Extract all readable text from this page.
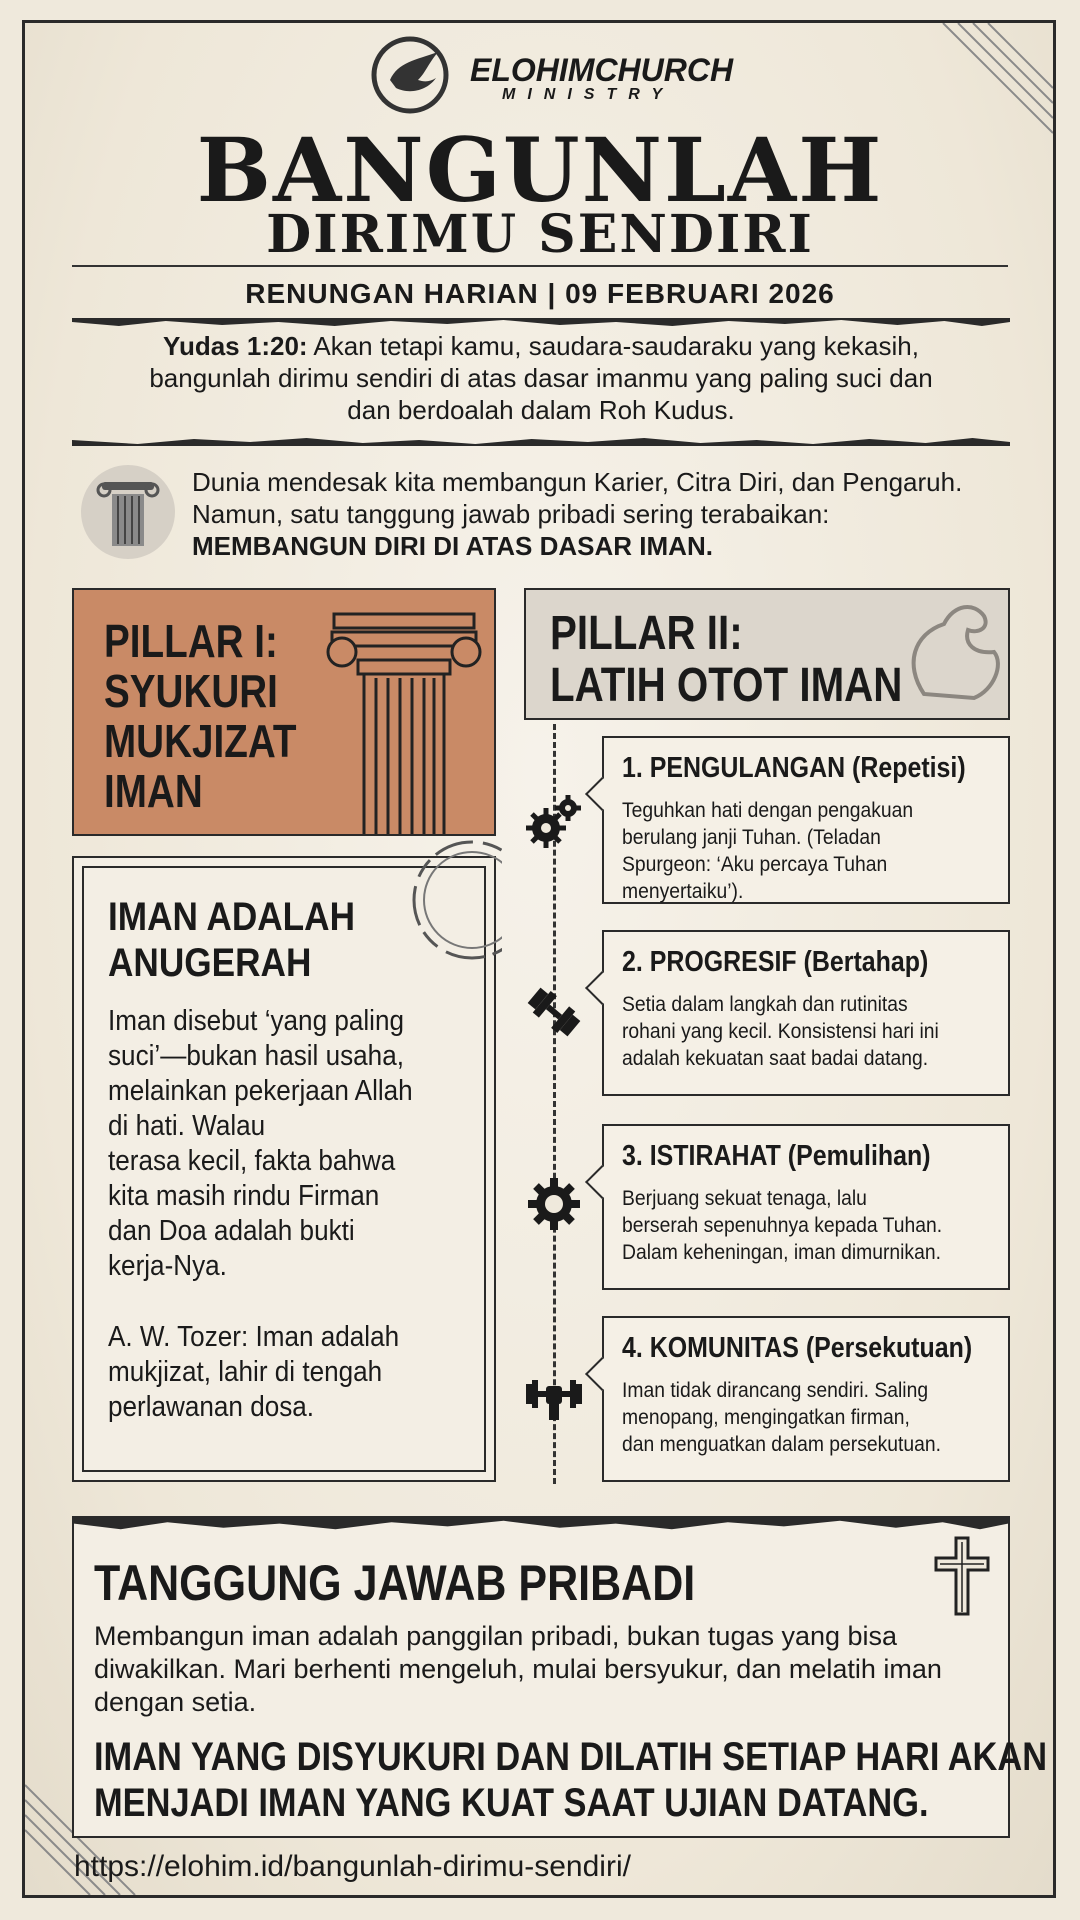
ELOHIMCHURCH
MINISTRY
BANGUNLAH
DIRIMU SENDIRI
RENUNGAN HARIAN | 09 FEBRUARI 2026
Yudas 1:20: Akan tetapi kamu, saudara-saudaraku yang kekasih,
bangunlah dirimu sendiri di atas dasar imanmu yang paling suci dan
dan berdoalah dalam Roh Kudus.
Dunia mendesak kita membangun Karier, Citra Diri, dan Pengaruh.
Namun, satu tanggung jawab pribadi sering terabaikan:
MEMBANGUN DIRI DI ATAS DASAR IMAN.
PILLAR I:
SYUKURI
MUKJIZAT
IMAN
IMAN ADALAH
ANUGERAH
Iman disebut ‘yang paling
suci’—bukan hasil usaha,
melainkan pekerjaan Allah
di hati. Walau
terasa kecil, fakta bahwa
kita masih rindu Firman
dan Doa adalah bukti
kerja-Nya.
A. W. Tozer: Iman adalah
mukjizat, lahir di tengah
perlawanan dosa.
PILLAR II:
LATIH OTOT IMAN
1. PENGULANGAN (Repetisi)
Teguhkan hati dengan pengakuan
berulang janji Tuhan. (Teladan
Spurgeon: ‘Aku percaya Tuhan
menyertaiku’).
2. PROGRESIF (Bertahap)
Setia dalam langkah dan rutinitas
rohani yang kecil. Konsistensi hari ini
adalah kekuatan saat badai datang.
3. ISTIRAHAT (Pemulihan)
Berjuang sekuat tenaga, lalu
berserah sepenuhnya kepada Tuhan.
Dalam keheningan, iman dimurnikan.
4. KOMUNITAS (Persekutuan)
Iman tidak dirancang sendiri. Saling
menopang, mengingatkan firman,
dan menguatkan dalam persekutuan.
TANGGUNG JAWAB PRIBADI
Membangun iman adalah panggilan pribadi, bukan tugas yang bisa
diwakilkan. Mari berhenti mengeluh, mulai bersyukur, dan melatih iman
dengan setia.
IMAN YANG DISYUKURI DAN DILATIH SETIAP HARI AKAN
MENJADI IMAN YANG KUAT SAAT UJIAN DATANG.
https://elohim.id/bangunlah-dirimu-sendiri/
